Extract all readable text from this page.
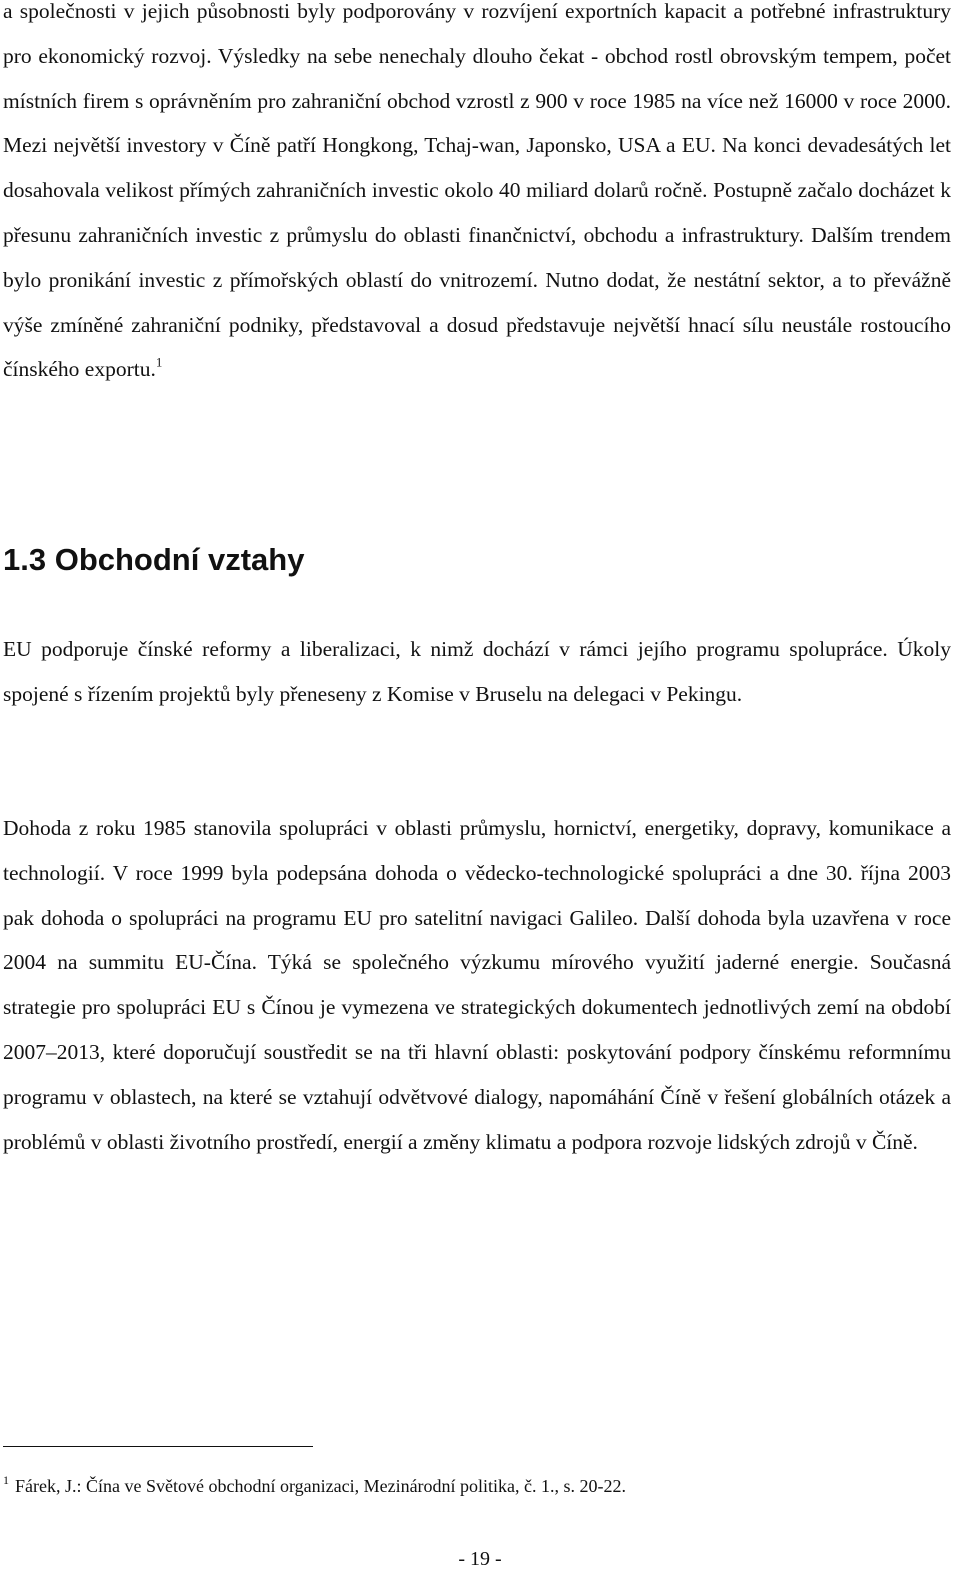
a společnosti v jejich působnosti byly podporovány v rozvíjení exportních kapacit a potřebné infrastruktury pro ekonomický rozvoj. Výsledky na sebe nenechaly dlouho čekat - obchod rostl obrovským tempem, počet místních firem s oprávněním pro zahraniční obchod vzrostl z 900 v roce 1985 na více než 16000 v roce 2000. Mezi největší investory v Číně patří Hongkong, Tchaj-wan, Japonsko, USA a EU. Na konci devadesátých let dosahovala velikost přímých zahraničních investic okolo 40 miliard dolarů ročně. Postupně začalo docházet k přesunu zahraničních investic z průmyslu do oblasti finančnictví, obchodu a infrastruktury. Dalším trendem bylo pronikání investic z přímořských oblastí do vnitrozemí. Nutno dodat, že nestátní sektor, a to převážně výše zmíněné zahraniční podniky, představoval a dosud představuje největší hnací sílu neustále rostoucího čínského exportu.$^1$

1.3 Obchodní vztahy

EU podporuje čínské reformy a liberalizaci, k nimž dochází v rámci jejího programu spolupráce. Úkoly spojené s řízením projektů byly přeneseny z Komise v Bruselu na delegaci v Pekingu.

Dohoda z roku 1985 stanovila spolupráci v oblasti průmyslu, hornictví, energetiky, dopravy, komunikace a technologií. V roce 1999 byla podepsána dohoda o vědecko-technologické spolupráci a dne 30. října 2003 pak dohoda o spolupráci na programu EU pro satelitní navigaci Galileo. Další dohoda byla uzavřena v roce 2004 na summitu EU-Čína. Týká se společného výzkumu mírového využití jaderné energie. Současná strategie pro spolupráci EU s Čínou je vymezena ve strategických dokumentech jednotlivých zemí na období 2007–2013, které doporučují soustředit se na tři hlavní oblasti: poskytování podpory čínskému reformnímu programu v oblastech, na které se vztahují odvětvové dialogy, napomáhání Číně v řešení globálních otázek a problémů v oblasti životního prostředí, energií a změny klimatu a podpora rozvoje lidských zdrojů v Číně.

$^1$ Fárek, J.: Čína ve Světové obchodní organizaci, Mezinárodní politika, č. 1., s. 20-22.

- 19 -
